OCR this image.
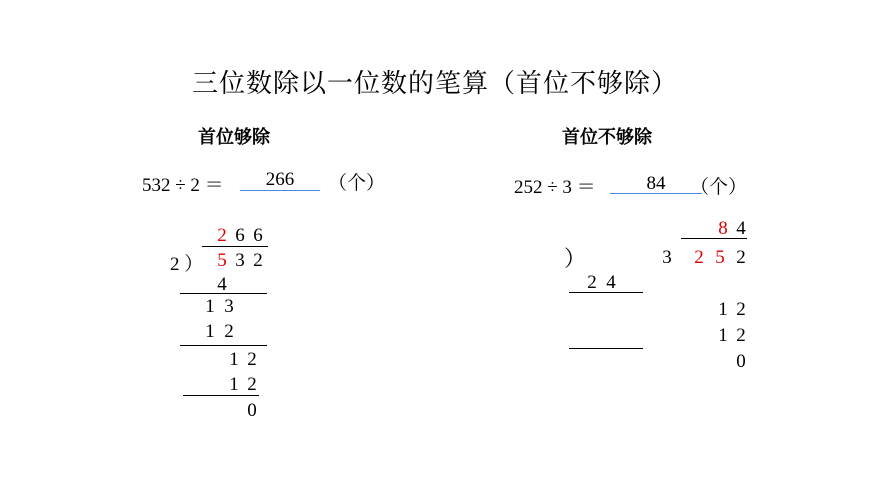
三位数除以一位数的笔算（首位不够除）
首位够除
532 ÷ 2 ＝	266	（个）
2 6 6
2 ） 5 3 2
4
1 3
1 2
1 2
1 2
0
首位不够除
252 ÷ 3 ＝	84	（个）
）
2 4
8 4
3 2 5 2
1 2
1 2
0
